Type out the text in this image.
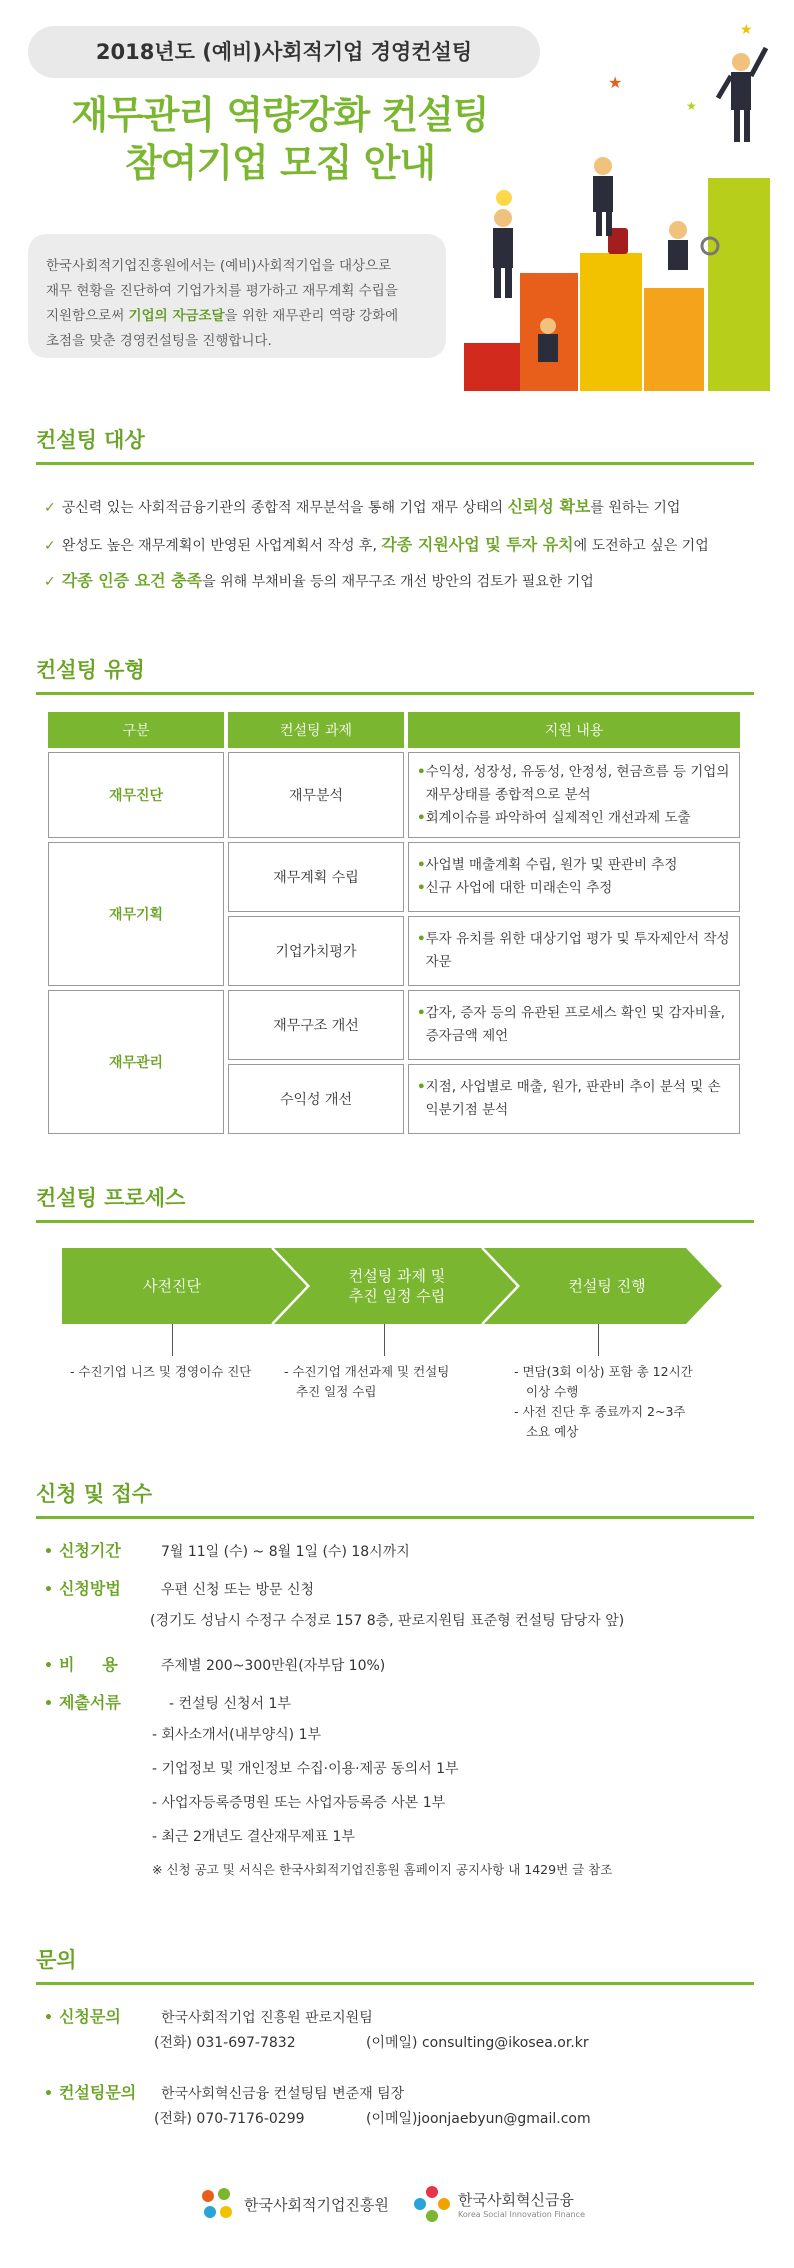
2018년도 (예비)사회적기업 경영컨설팅
재무관리 역량강화 컨설팅
참여기업 모집 안내
★
★
★
한국사회적기업진흥원에서는 (예비)사회적기업을 대상으로
재무 현황을 진단하여 기업가치를 평가하고 재무계획 수립을
지원함으로써 기업의 자금조달을 위한 재무관리 역량 강화에
초점을 맞춘 경영컨설팅을 진행합니다.
컨설팅 대상
✓ 공신력 있는 사회적금융기관의 종합적 재무분석을 통해 기업 재무 상태의 신뢰성 확보를 원하는 기업
✓ 완성도 높은 재무계획이 반영된 사업계획서 작성 후, 각종 지원사업 및 투자 유치에 도전하고 싶은 기업
✓ 각종 인증 요건 충족을 위해 부채비율 등의 재무구조 개선 방안의 검토가 필요한 기업
컨설팅 유형
구분	컨설팅 과제	지원 내용
재무진단	재무분석	• 수익성, 성장성, 유동성, 안정성, 현금흐름 등 기업의 재무상태를 종합적으로 분석
• 회계이슈를 파악하여 실제적인 개선과제 도출

재무기획	재무계획 수립	• 사업별 매출계획 수립, 원가 및 판관비 추정
• 신규 사업에 대한 미래손익 추정

	기업가치평가	• 투자 유치를 위한 대상기업 평가 및 투자제안서 작성 자문

재무관리	재무구조 개선	• 감자, 증자 등의 유관된 프로세스 확인 및 감자비율, 증자금액 제언

	수익성 개선	• 지점, 사업별로 매출, 원가, 판관비 추이 분석 및 손익분기점 분석
컨설팅 프로세스
사전진단
컨설팅 과제 및
추진 일정 수립
컨설팅 진행
- 수진기업 니즈 및 경영이슈 진단	- 수진기업 개선과제 및 컨설팅
추진 일정 수립
- 면담(3회 이상) 포함 총 12시간
이상 수행
- 사전 진단 후 종료까지 2~3주
소요 예상
신청 및 접수
• 신청기간	7월 11일 (수) ~ 8월 1일 (수) 18시까지
• 신청방법	우편 신청 또는 방문 신청
(경기도 성남시 수정구 수정로 157 8층, 판로지원팀 표준형 컨설팅 담당자 앞)
• 비     용	주제별 200~300만원(자부담 10%)
• 제출서류	- 컨설팅 신청서 1부
- 회사소개서(내부양식) 1부
- 기업정보 및 개인정보 수집·이용·제공 동의서 1부
- 사업자등록증명원 또는 사업자등록증 사본 1부
- 최근 2개년도 결산재무제표 1부
※ 신청 공고 및 서식은 한국사회적기업진흥원 홈페이지 공지사항 내 1429번 글 참조
문의
• 신청문의	한국사회적기업 진흥원 판로지원팀
(전화) 031-697-7832	(이메일) consulting@ikosea.or.kr
• 컨설팅문의 한국사회혁신금융 컨설팅팀 변준재 팀장
(전화) 070-7176-0299	(이메일)joonjaebyun@gmail.com
한국사회적기업진흥원	한국사회혁신금융
Korea Social Innovation Finance
